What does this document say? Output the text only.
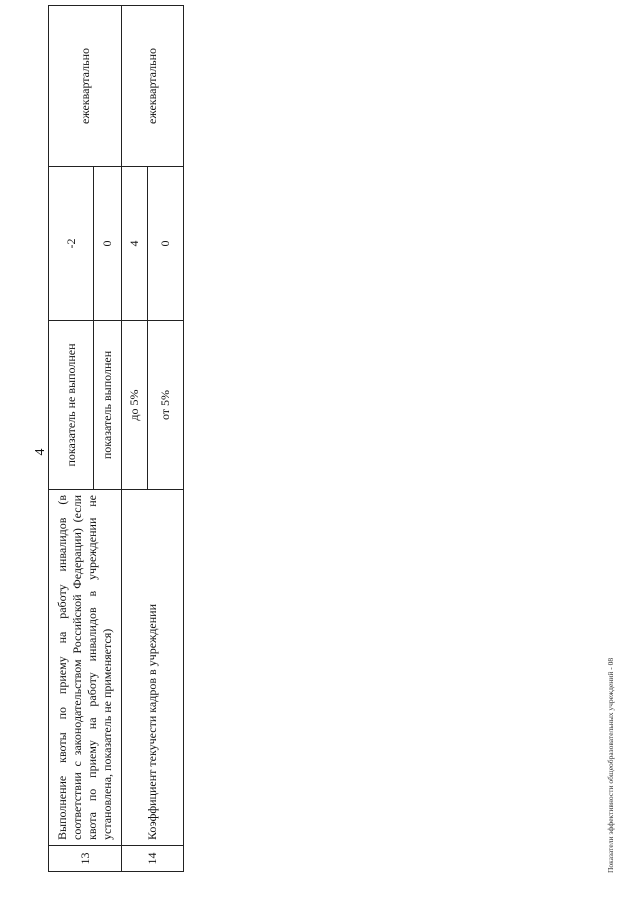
4
13	Выполнение квоты по приему на работу инвалидов (в соответствии с законодательством Российской Федерации) (если квота по приему на работу инвалидов в учреждении не установлена, показатель не применяется)	показатель не выполнен	-2	ежеквартально
		показатель выполнен	0	
14	Коэффициент текучести кадров в учреждении	до 5%	4	ежеквартально
		от 5%	0	
Показатели эффективности общеобразовательных учреждений - 08
